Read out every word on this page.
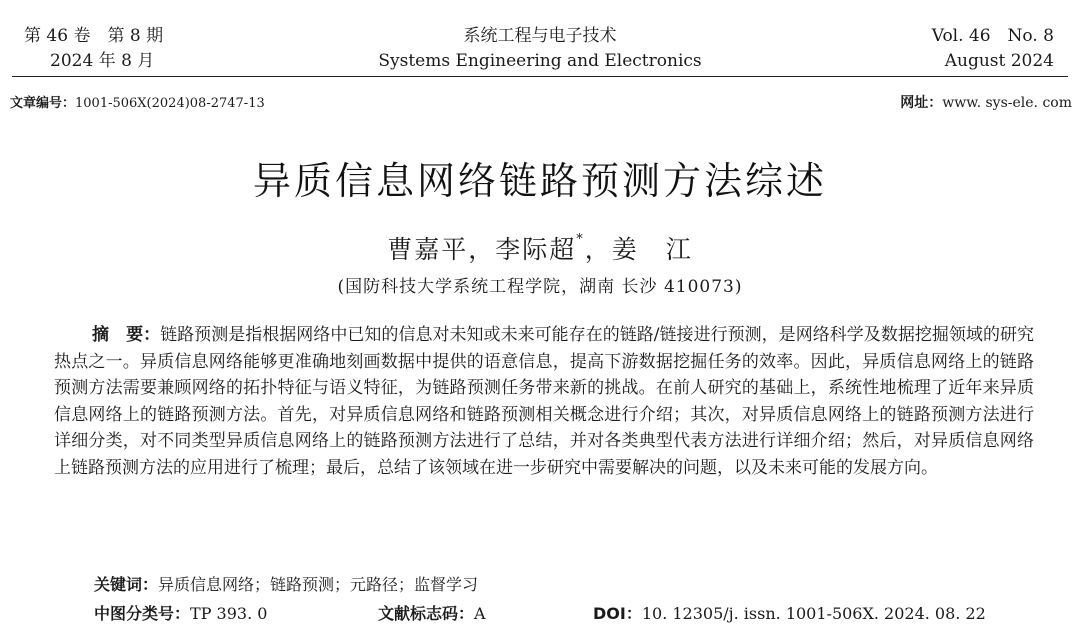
第 46 卷　第 8 期
2024 年 8 月
系统工程与电子技术
Systems Engineering and Electronics
Vol. 46　No. 8
August 2024
文章编号：1001-506X(2024)08-2747-13	网址：www. sys-ele. com
异质信息网络链路预测方法综述
曹嘉平，李际超*，姜　江
(国防科技大学系统工程学院，湖南 长沙 410073)
摘　要：链路预测是指根据网络中已知的信息对未知或未来可能存在的链路/链接进行预测，是网络科学及数据挖掘领域的研究热点之一。异质信息网络能够更准确地刻画数据中提供的语意信息，提高下游数据挖掘任务的效率。因此，异质信息网络上的链路预测方法需要兼顾网络的拓扑特征与语义特征，为链路预测任务带来新的挑战。在前人研究的基础上，系统性地梳理了近年来异质信息网络上的链路预测方法。首先，对异质信息网络和链路预测相关概念进行介绍；其次，对异质信息网络上的链路预测方法进行详细分类，对不同类型异质信息网络上的链路预测方法进行了总结，并对各类典型代表方法进行详细介绍；然后，对异质信息网络上链路预测方法的应用进行了梳理；最后，总结了该领域在进一步研究中需要解决的问题，以及未来可能的发展方向。
关键词：异质信息网络；链路预测；元路径；监督学习
中图分类号：TP 393. 0	文献标志码：A	DOI：10. 12305/j. issn. 1001-506X. 2024. 08. 22
